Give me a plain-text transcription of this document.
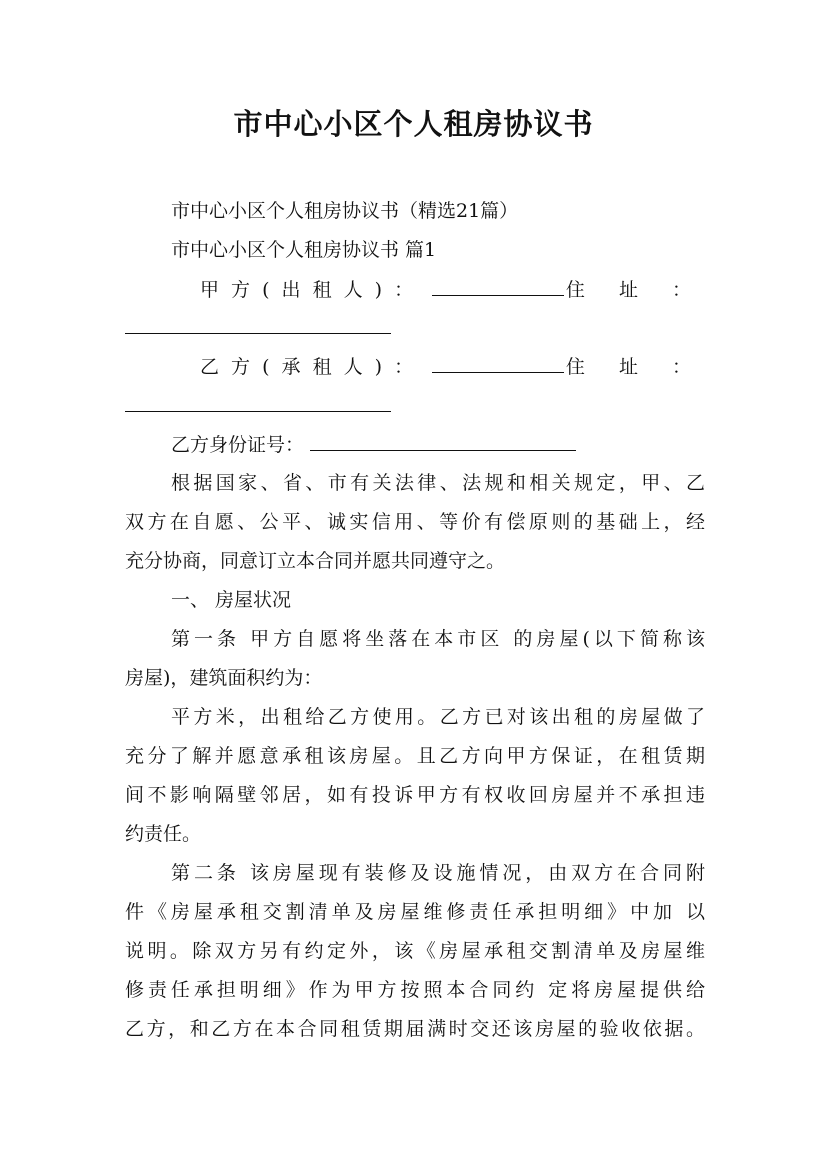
市中心小区个人租房协议书
市中心小区个人租房协议书（精选21篇）
市中心小区个人租房协议书 篇1
甲 方 ( 出 租 人 ) ：	住 址 ：
乙 方 ( 承 租 人 ) ：	住 址 ：
乙方身份证号：
根据国家、省、市有关法律、法规和相关规定，甲、乙
双方在自愿、公平、诚实信用、等价有偿原则的基础上，经
充分协商，同意订立本合同并愿共同遵守之。
一、 房屋状况
第一条 甲方自愿将坐落在本市区 的房屋(以下简称该
房屋)，建筑面积约为：
平方米，出租给乙方使用。乙方已对该出租的房屋做了
充分了解并愿意承租该房屋。且乙方向甲方保证，在租赁期
间不影响隔壁邻居，如有投诉甲方有权收回房屋并不承担违
约责任。
第二条 该房屋现有装修及设施情况，由双方在合同附
件《房屋承租交割清单及房屋维修责任承担明细》中加 以
说明。除双方另有约定外，该《房屋承租交割清单及房屋维
修责任承担明细》作为甲方按照本合同约 定将房屋提供给
乙方，和乙方在本合同租赁期届满时交还该房屋的验收依据。
